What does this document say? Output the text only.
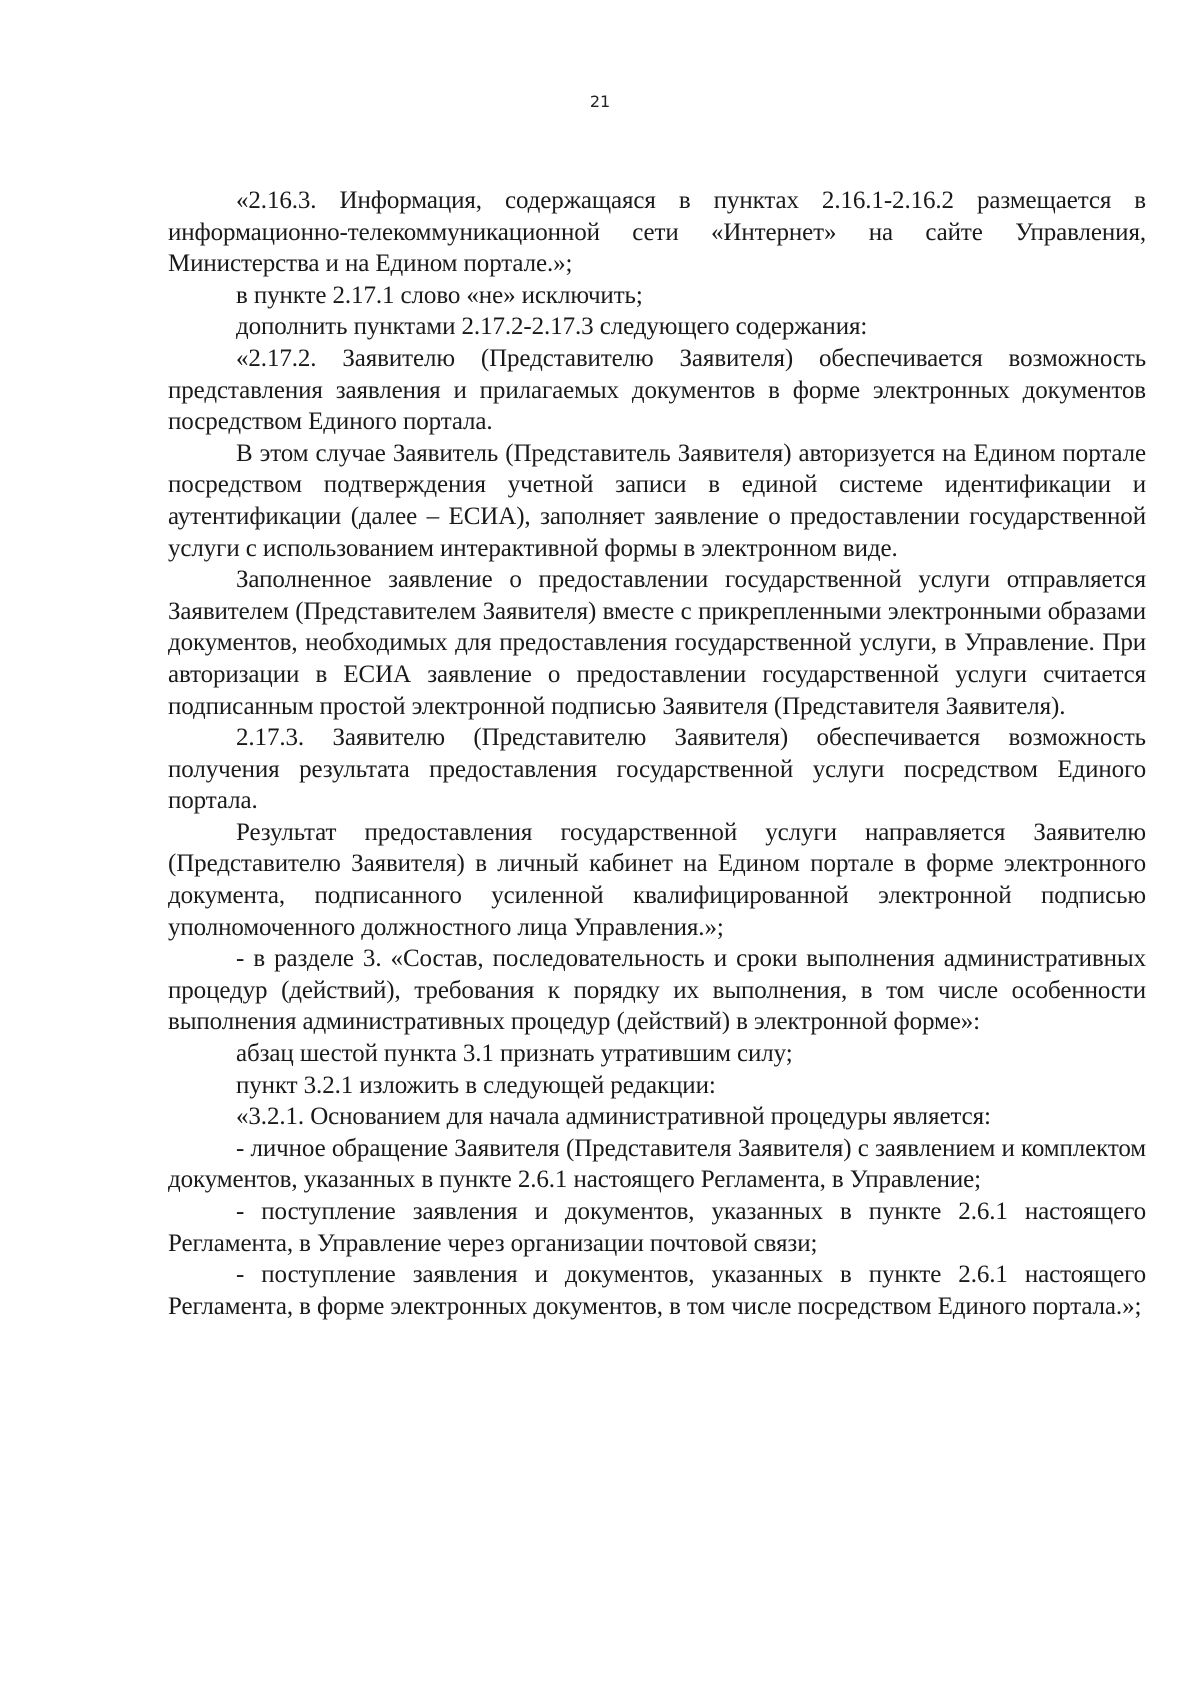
21

«2.16.3. Информация, содержащаяся в пунктах 2.16.1-2.16.2 размещается в информационно-телекоммуникационной сети «Интернет» на сайте Управления, Министерства и на Едином портале.»;

в пункте 2.17.1 слово «не» исключить;

дополнить пунктами 2.17.2-2.17.3 следующего содержания:

«2.17.2. Заявителю (Представителю Заявителя) обеспечивается возможность представления заявления и прилагаемых документов в форме электронных документов посредством Единого портала.

В этом случае Заявитель (Представитель Заявителя) авторизуется на Едином портале посредством подтверждения учетной записи в единой системе идентификации и аутентификации (далее – ЕСИА), заполняет заявление о предоставлении государственной услуги с использованием интерактивной формы в электронном виде.

Заполненное заявление о предоставлении государственной услуги отправляется Заявителем (Представителем Заявителя) вместе с прикрепленными электронными образами документов, необходимых для предоставления государственной услуги, в Управление. При авторизации в ЕСИА заявление о предоставлении государственной услуги считается подписанным простой электронной подписью Заявителя (Представителя Заявителя).

2.17.3. Заявителю (Представителю Заявителя) обеспечивается возможность получения результата предоставления государственной услуги посредством Единого портала.

Результат предоставления государственной услуги направляется Заявителю (Представителю Заявителя) в личный кабинет на Едином портале в форме электронного документа, подписанного усиленной квалифицированной электронной подписью уполномоченного должностного лица Управления.»;

- в разделе 3. «Состав, последовательность и сроки выполнения административных процедур (действий), требования к порядку их выполнения, в том числе особенности выполнения административных процедур (действий) в электронной форме»:

абзац шестой пункта 3.1 признать утратившим силу;

пункт 3.2.1 изложить в следующей редакции:

«3.2.1. Основанием для начала административной процедуры является:

- личное обращение Заявителя (Представителя Заявителя) с заявлением и комплектом документов, указанных в пункте 2.6.1 настоящего Регламента, в Управление;

- поступление заявления и документов, указанных в пункте 2.6.1 настоящего Регламента, в Управление через организации почтовой связи;

- поступление заявления и документов, указанных в пункте 2.6.1 настоящего Регламента, в форме электронных документов, в том числе посредством Единого портала.»;
